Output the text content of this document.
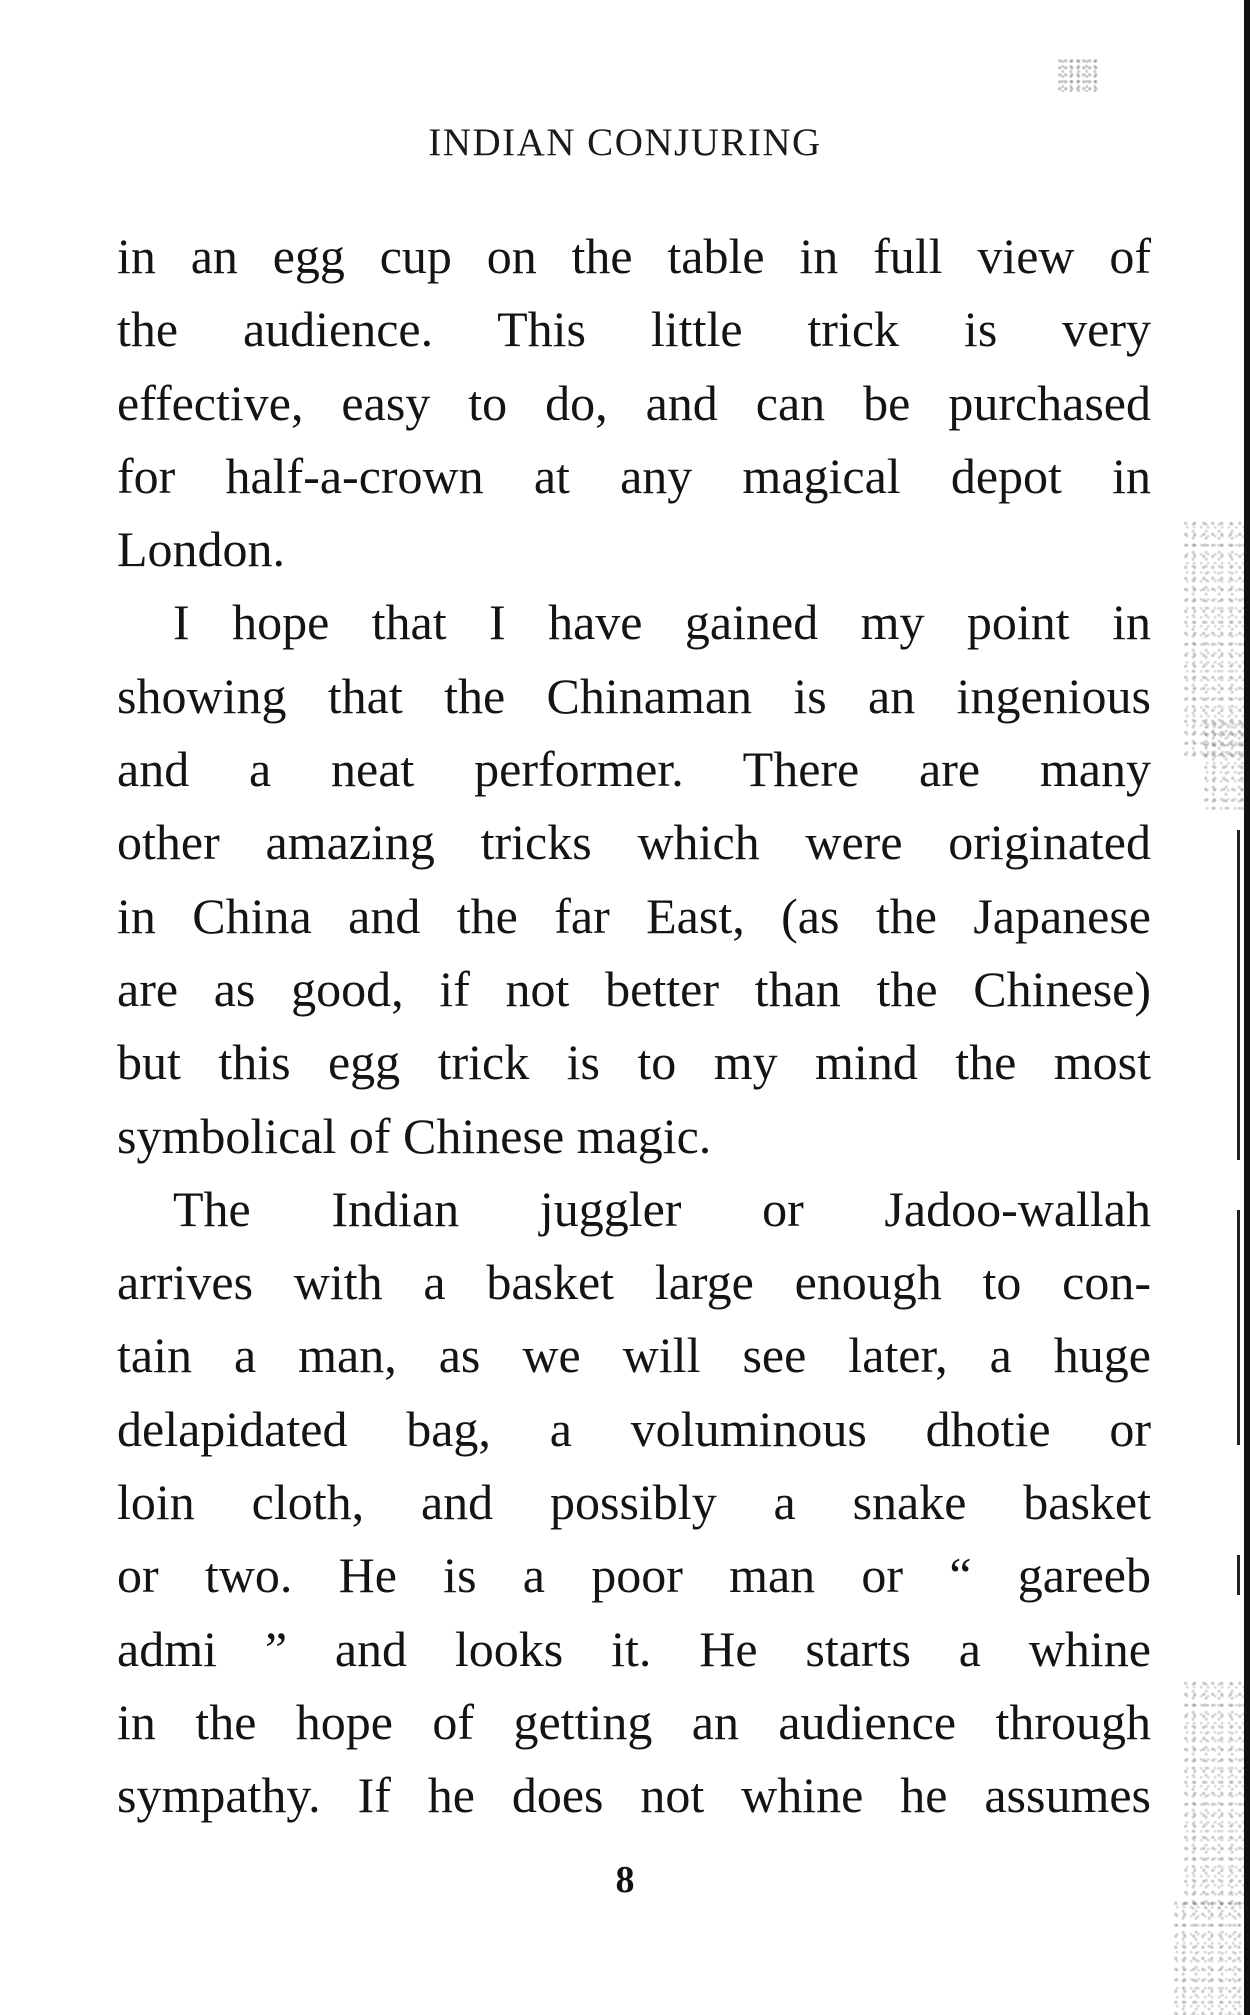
INDIAN CONJURING
in an egg cup on the table in full view of
the audience. This little trick is very
effective, easy to do, and can be purchased
for half-a-crown at any magical depot in
London.
I hope that I have gained my point in
showing that the Chinaman is an ingenious
and a neat performer. There are many
other amazing tricks which were originated
in China and the far East, (as the Japanese
are as good, if not better than the Chinese)
but this egg trick is to my mind the most
symbolical of Chinese magic.
The Indian juggler or Jadoo-wallah
arrives with a basket large enough to con-
tain a man, as we will see later, a huge
delapidated bag, a voluminous dhotie or
loin cloth, and possibly a snake basket
or two. He is a poor man or “ gareeb
admi ” and looks it. He starts a whine
in the hope of getting an audience through
sympathy. If he does not whine he assumes
8
